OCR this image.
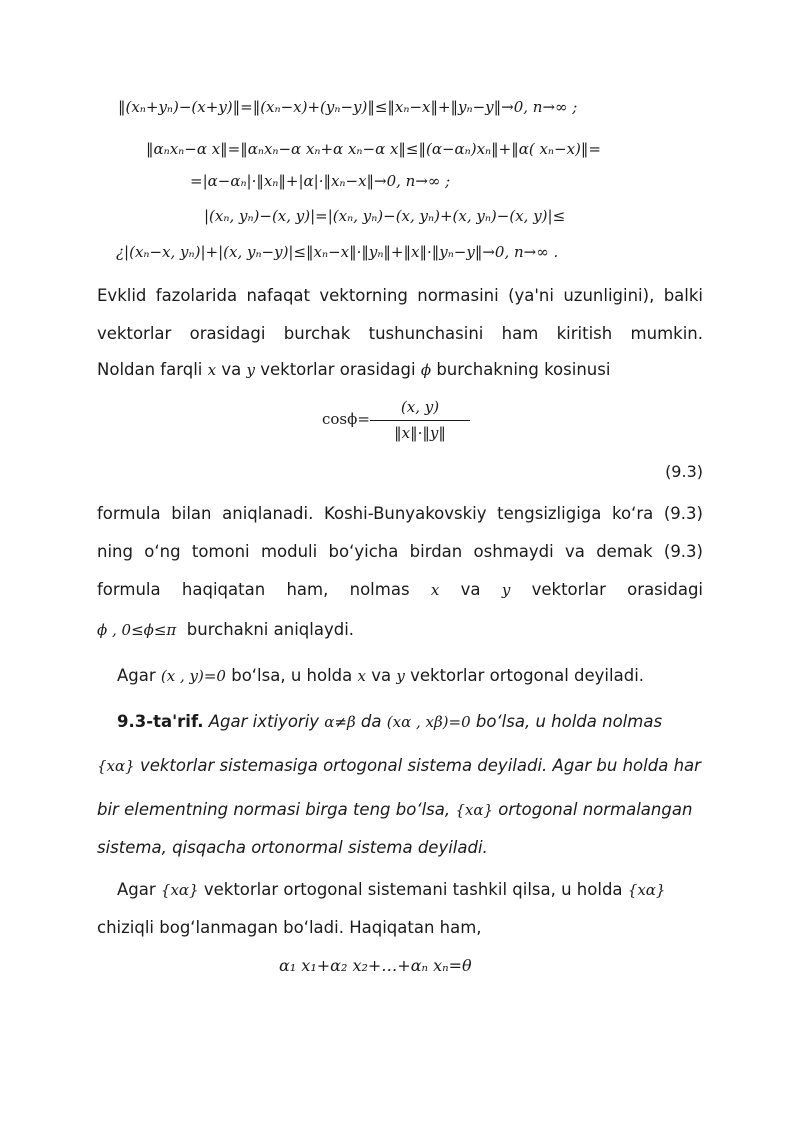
‖(xₙ+yₙ)−(x+y)‖=‖(xₙ−x)+(yₙ−y)‖≤‖xₙ−x‖+‖yₙ−y‖→0, n→∞ ;
‖αₙxₙ−α x‖=‖αₙxₙ−α xₙ+α xₙ−α x‖≤‖(α−αₙ)xₙ‖+‖α( xₙ−x)‖=
=|α−αₙ|·‖xₙ‖+|α|·‖xₙ−x‖→0, n→∞ ;
|(xₙ, yₙ)−(x, y)|=|(xₙ, yₙ)−(x, yₙ)+(x, yₙ)−(x, y)|≤
¿|(xₙ−x, yₙ)|+|(x, yₙ−y)|≤‖xₙ−x‖·‖yₙ‖+‖x‖·‖yₙ−y‖→0, n→∞ .
Evklid fazolarida nafaqat vektorning normasini (ya'ni uzunligini), balki
vektorlar orasidagi burchak tushunchasini ham kiritish mumkin.
Noldan farqli x va y vektorlar orasidagi ϕ burchakning kosinusi
cosϕ=
(x, y)
‖x‖·‖y‖
(9.3)
formula bilan aniqlanadi. Koshi-Bunyakovskiy tengsizligiga ko‘ra (9.3)
ning o‘ng tomoni moduli bo‘yicha birdan oshmaydi va demak (9.3)
formula haqiqatan ham, nolmas x va y vektorlar orasidagi
ϕ , 0≤ϕ≤π burchakni aniqlaydi.
Agar (x , y)=0 bo‘lsa, u holda x va y vektorlar ortogonal deyiladi.
9.3-ta'rif. Agar ixtiyoriy α≠β da (xα , xβ)=0 bo‘lsa, u holda nolmas
{xα} vektorlar sistemasiga ortogonal sistema deyiladi. Agar bu holda har
bir elementning normasi birga teng bo‘lsa, {xα} ortogonal normalangan
sistema, qisqacha ortonormal sistema deyiladi.
Agar {xα} vektorlar ortogonal sistemani tashkil qilsa, u holda {xα}
chiziqli bog‘lanmagan bo‘ladi. Haqiqatan ham,
α₁ x₁+α₂ x₂+…+αₙ xₙ=θ
